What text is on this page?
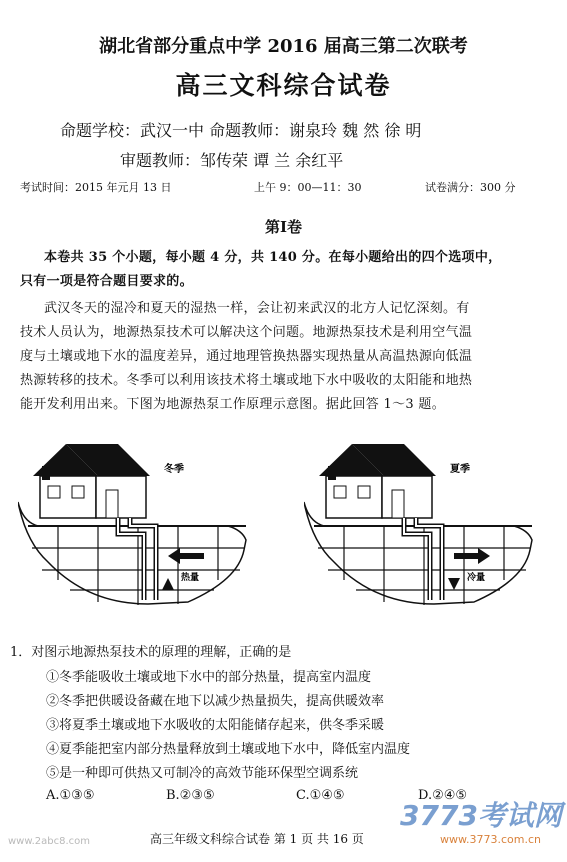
湖北省部分重点中学 2016 届高三第二次联考
高三文科综合试卷
命题学校：武汉一中 命题教师：谢泉玲 魏 然 徐 明
审题教师：邹传荣 谭 兰 余红平
考试时间：2015 年元月 13 日	上午 9：00—11：30	试卷满分：300 分
第Ⅰ卷
本卷共 35 个小题，每小题 4 分，共 140 分。在每小题给出的四个选项中，
只有一项是符合题目要求的。
武汉冬天的湿冷和夏天的湿热一样，会让初来武汉的北方人记忆深刻。有
技术人员认为，地源热泵技术可以解决这个问题。地源热泵技术是利用空气温
度与土壤或地下水的温度差异，通过地理管换热器实现热量从高温热源向低温
热源转移的技术。冬季可以利用该技术将土壤或地下水中吸收的太阳能和地热
能开发利用出来。下图为地源热泵工作原理示意图。据此回答 1～3 题。
冬季
热量
夏季
冷量
1．对图示地源热泵技术的原理的理解，正确的是
①冬季能吸收土壤或地下水中的部分热量，提高室内温度
②冬季把供暖设备藏在地下以减少热量损失，提高供暖效率
③将夏季土壤或地下水吸收的太阳能储存起来，供冬季采暖
④夏季能把室内部分热量释放到土壤或地下水中，降低室内温度
⑤是一种即可供热又可制冷的高效节能环保型空调系统
A.①③⑤	B.②③⑤	C.①④⑤	D.②④⑤
高三年级文科综合试卷 第 1 页 共 16 页
www.2abc8.com
3773考试网
www.3773.com.cn
